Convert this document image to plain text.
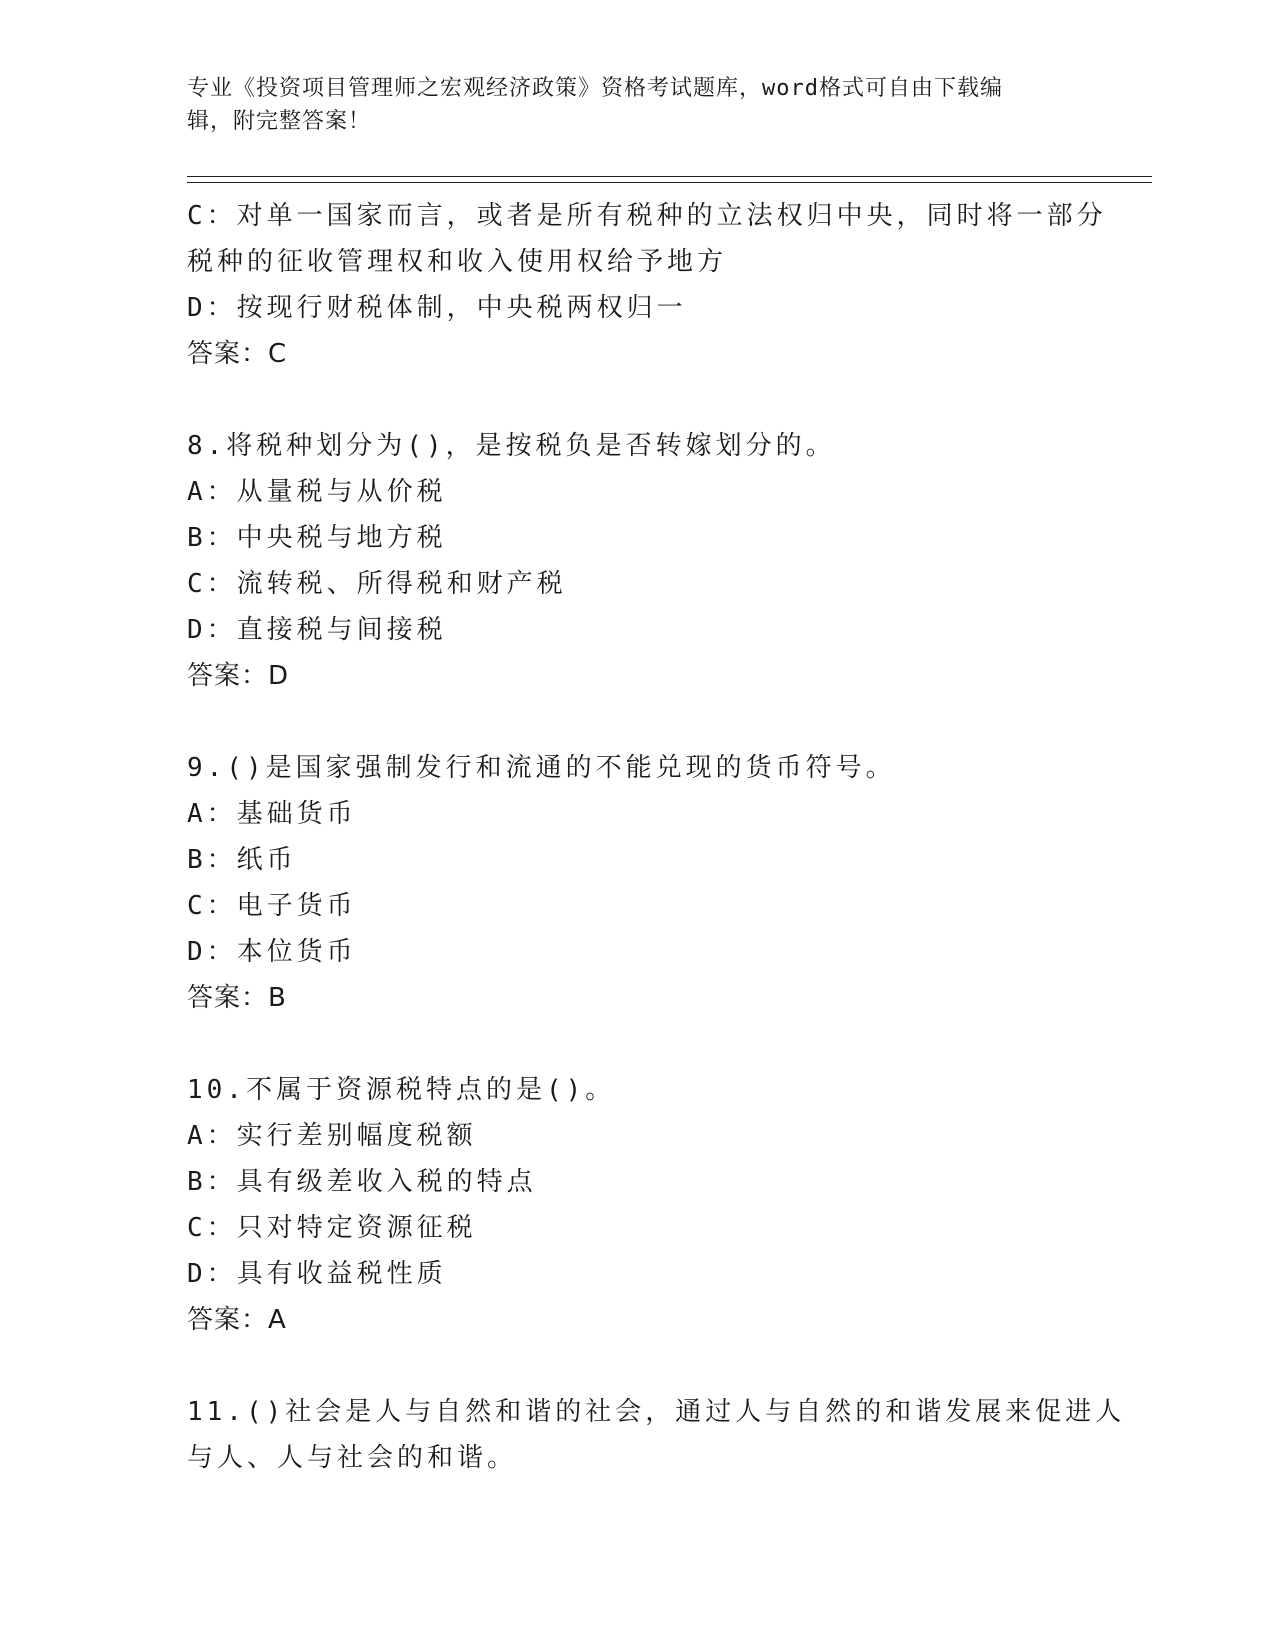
专业《投资项目管理师之宏观经济政策》资格考试题库，word格式可自由下载编
辑，附完整答案！
C：对单一国家而言，或者是所有税种的立法权归中央，同时将一部分
税种的征收管理权和收入使用权给予地方
D：按现行财税体制，中央税两权归一
答案：C
8.将税种划分为()，是按税负是否转嫁划分的。
A：从量税与从价税
B：中央税与地方税
C：流转税、所得税和财产税
D：直接税与间接税
答案：D
9.()是国家强制发行和流通的不能兑现的货币符号。
A：基础货币
B：纸币
C：电子货币
D：本位货币
答案：B
10.不属于资源税特点的是()。
A：实行差别幅度税额
B：具有级差收入税的特点
C：只对特定资源征税
D：具有收益税性质
答案：A
11.()社会是人与自然和谐的社会，通过人与自然的和谐发展来促进人
与人、人与社会的和谐。
